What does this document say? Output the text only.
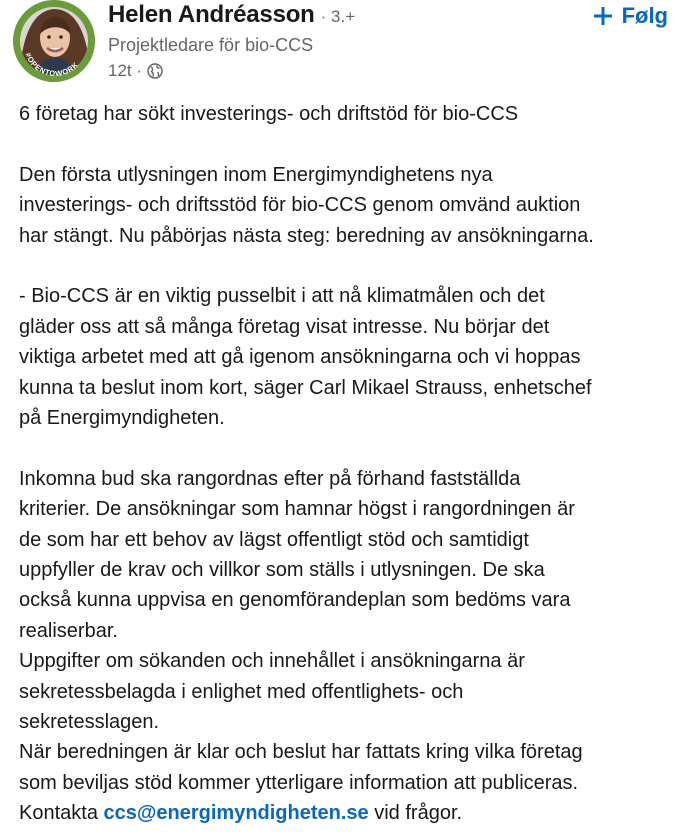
#OPENTOWORK
Helen Andréasson · 3.+
Projektledare för bio-CCS
12t ·
Følg

6 företag har sökt investerings- och driftstöd för bio-CCS

Den första utlysningen inom Energimyndighetens nya

investerings- och driftsstöd för bio-CCS genom omvänd auktion

har stängt. Nu påbörjas nästa steg: beredning av ansökningarna.

- Bio-CCS är en viktig pusselbit i att nå klimatmålen och det

gläder oss att så många företag visat intresse. Nu börjar det

viktiga arbetet med att gå igenom ansökningarna och vi hoppas

kunna ta beslut inom kort, säger Carl Mikael Strauss, enhetschef

på Energimyndigheten.

Inkomna bud ska rangordnas efter på förhand fastställda

kriterier. De ansökningar som hamnar högst i rangordningen är

de som har ett behov av lägst offentligt stöd och samtidigt

uppfyller de krav och villkor som ställs i utlysningen. De ska

också kunna uppvisa en genomförandeplan som bedöms vara

realiserbar.

Uppgifter om sökanden och innehållet i ansökningarna är

sekretessbelagda i enlighet med offentlighets- och

sekretesslagen.

När beredningen är klar och beslut har fattats kring vilka företag

som beviljas stöd kommer ytterligare information att publiceras.

Kontakta ccs@energimyndigheten.se vid frågor.
